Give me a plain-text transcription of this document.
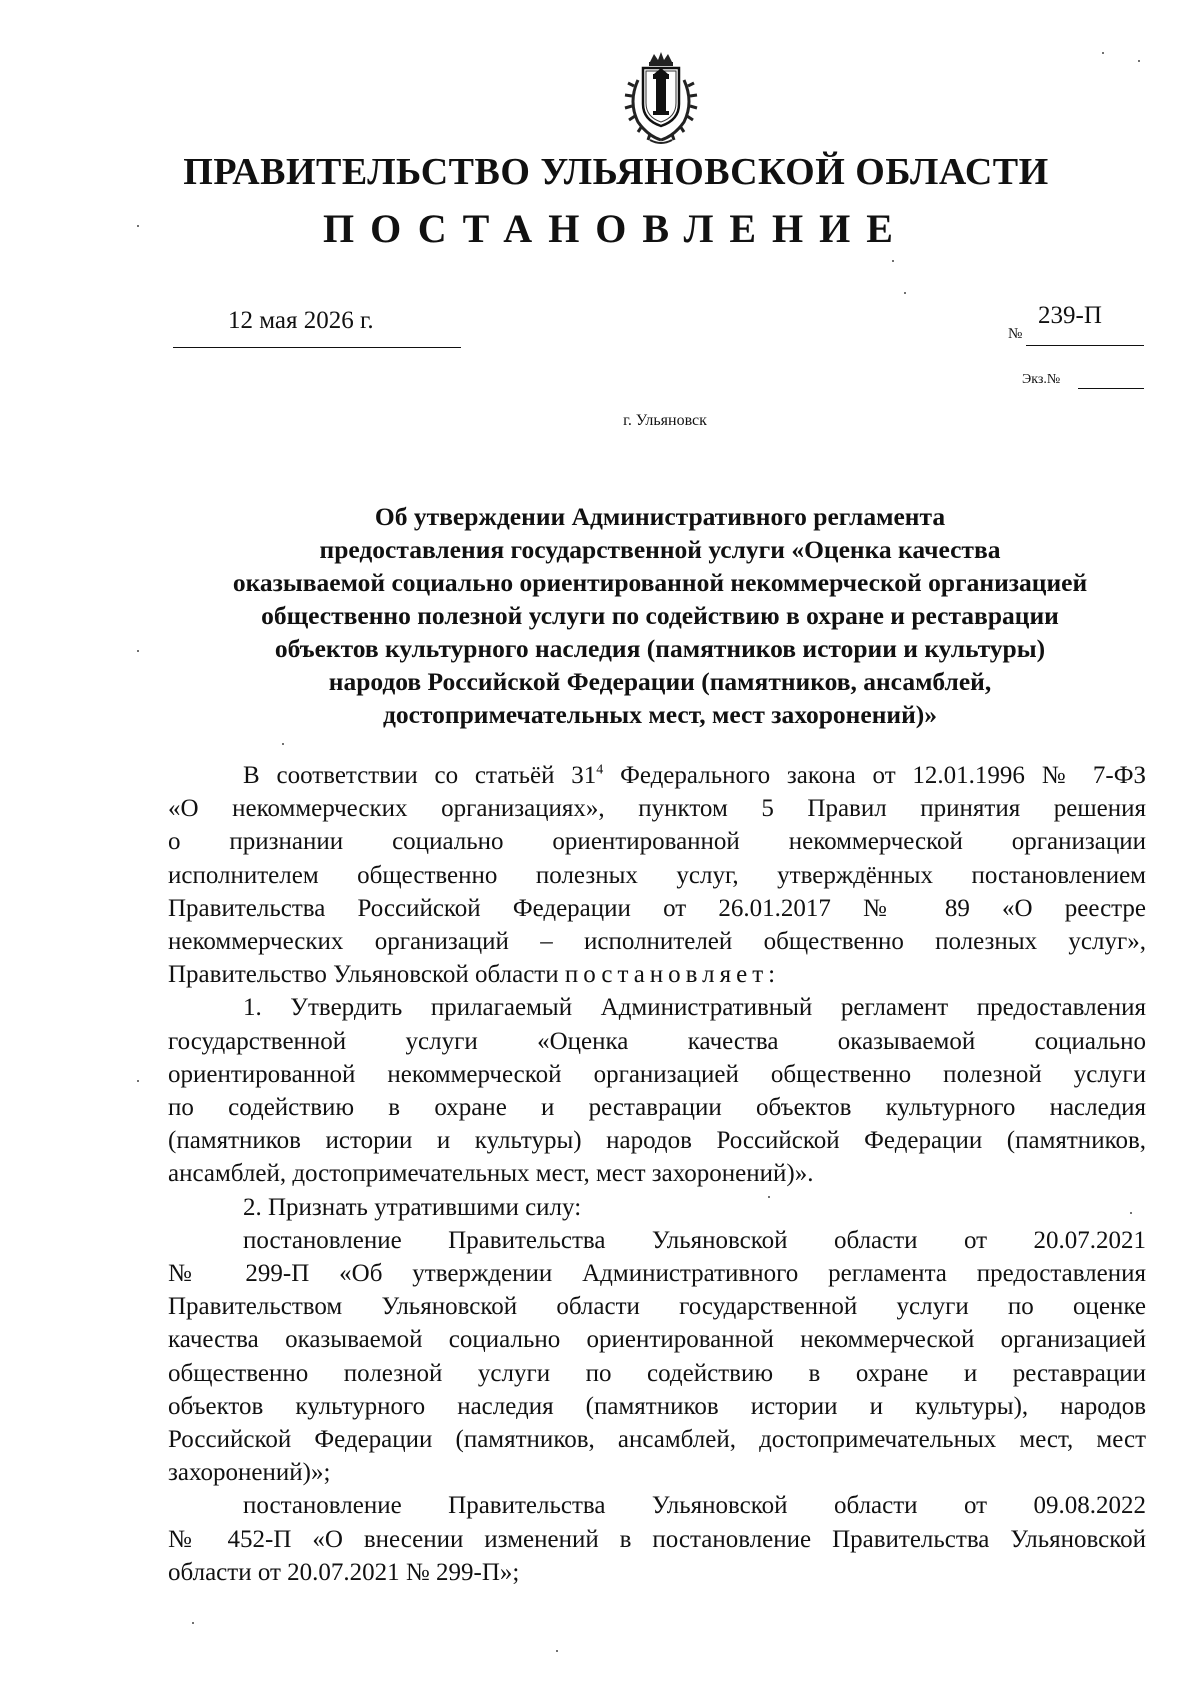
ПРАВИТЕЛЬСТВО УЛЬЯНОВСКОЙ ОБЛАСТИ
ПОСТАНОВЛЕНИЕ
12 мая 2026 г.	№
239-П
Экз.№
г. Ульяновск
Об утверждении Административного регламента
предоставления государственной услуги «Оценка качества
оказываемой социально ориентированной некоммерческой организацией
общественно полезной услуги по содействию в охране и реставрации
объектов культурного наследия (памятников истории и культуры)
народов Российской Федерации (памятников, ансамблей,
достопримечательных мест, мест захоронений)»

В соответствии со статьёй $31^4$ Федерального закона от 12.01.1996 № 7-ФЗ
«О некоммерческих организациях», пунктом 5 Правил принятия решения
о признании социально ориентированной некоммерческой организации
исполнителем общественно полезных услуг, утверждённых постановлением
Правительства Российской Федерации от 26.01.2017 № 89 «О реестре
некоммерческих организаций – исполнителей общественно полезных услуг»,
Правительство Ульяновской области постановляет:

1. Утвердить прилагаемый Административный регламент предоставления
государственной услуги «Оценка качества оказываемой социально
ориентированной некоммерческой организацией общественно полезной услуги
по содействию в охране и реставрации объектов культурного наследия
(памятников истории и культуры) народов Российской Федерации (памятников,
ансамблей, достопримечательных мест, мест захоронений)».

2. Признать утратившими силу:

постановление Правительства Ульяновской области от 20.07.2021
№ 299-П «Об утверждении Административного регламента предоставления
Правительством Ульяновской области государственной услуги по оценке
качества оказываемой социально ориентированной некоммерческой организацией
общественно полезной услуги по содействию в охране и реставрации
объектов культурного наследия (памятников истории и культуры), народов
Российской Федерации (памятников, ансамблей, достопримечательных мест, мест
захоронений)»;

постановление Правительства Ульяновской области от 09.08.2022
№ 452-П «О внесении изменений в постановление Правительства Ульяновской
области от 20.07.2021 № 299-П»;
